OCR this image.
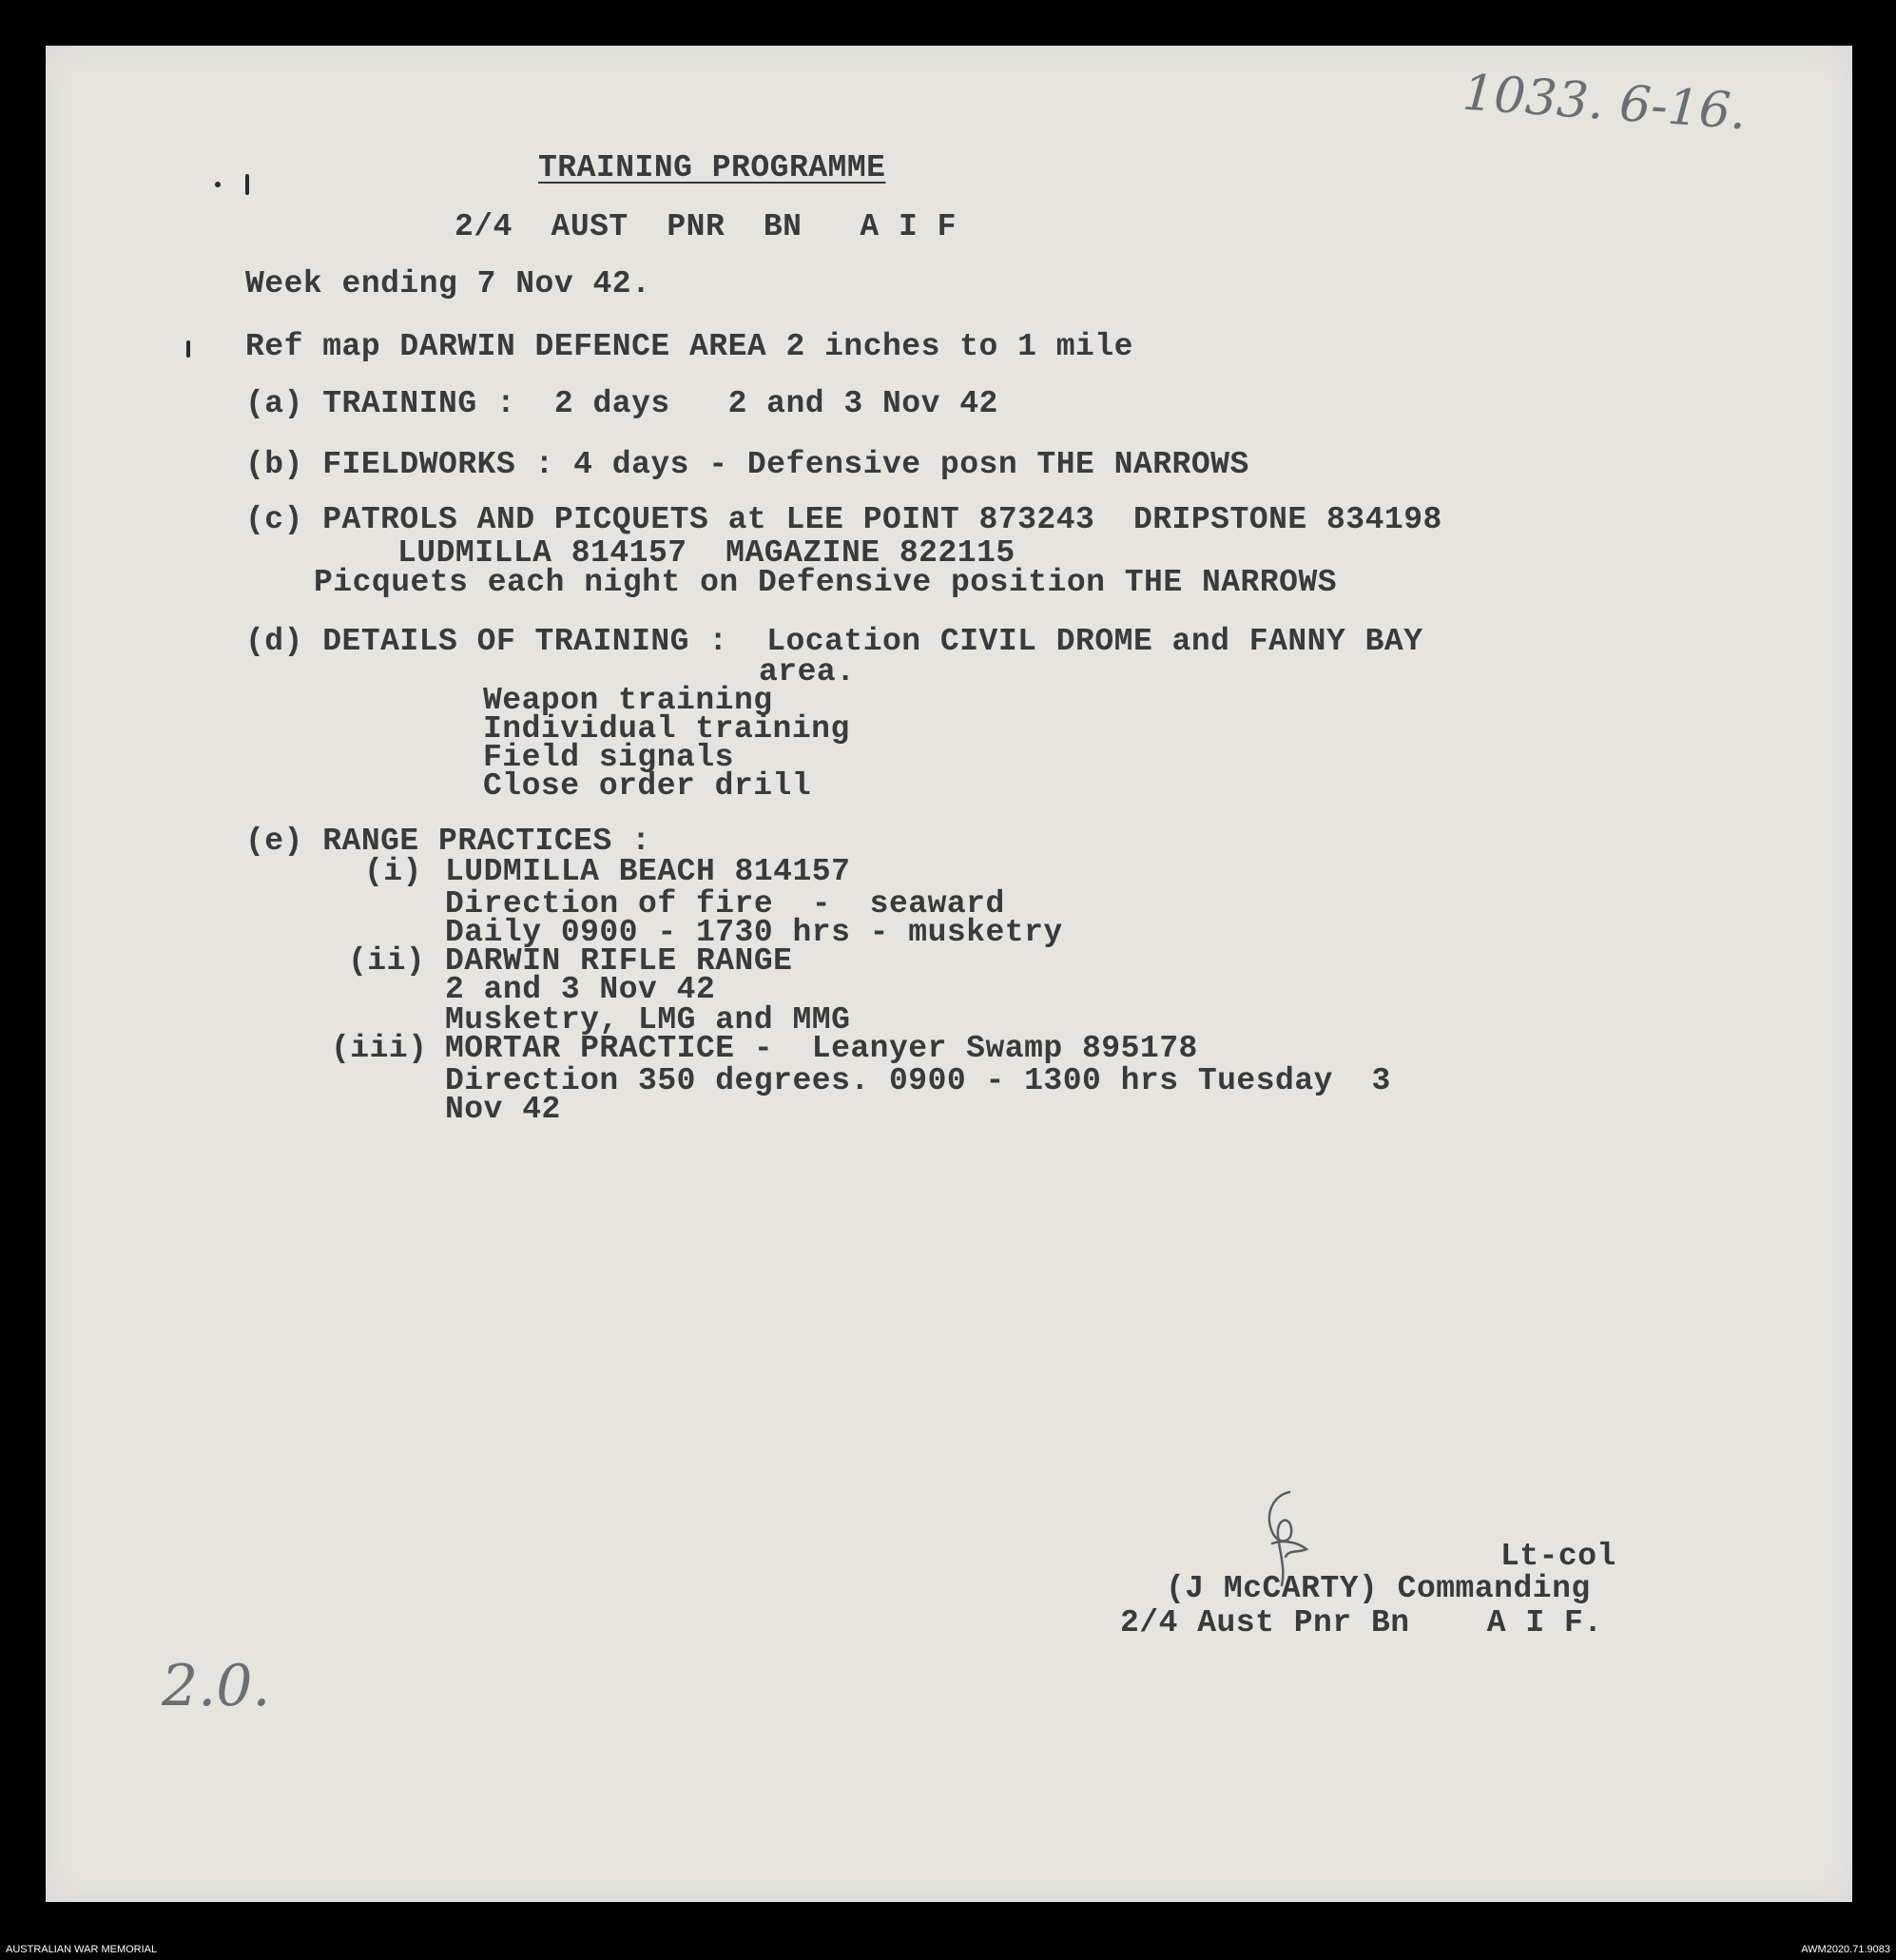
1033. 6-16.
2.0.
TRAINING PROGRAMME
2/4  AUST  PNR  BN   A I F
Week ending 7 Nov 42.
Ref map DARWIN DEFENCE AREA 2 inches to 1 mile
(a) TRAINING :  2 days   2 and 3 Nov 42
(b) FIELDWORKS : 4 days - Defensive posn THE NARROWS
(c) PATROLS AND PICQUETS at LEE POINT 873243  DRIPSTONE 834198
LUDMILLA 814157  MAGAZINE 822115
Picquets each night on Defensive position THE NARROWS
(d) DETAILS OF TRAINING :  Location CIVIL DROME and FANNY BAY
area.
Weapon training
Individual training
Field signals
Close order drill
(e) RANGE PRACTICES :
(i) LUDMILLA BEACH 814157
Direction of fire  -  seaward
Daily 0900 - 1730 hrs - musketry
(ii) DARWIN RIFLE RANGE
2 and 3 Nov 42
Musketry, LMG and MMG
(iii) MORTAR PRACTICE -  Leanyer Swamp 895178
Direction 350 degrees. 0900 - 1300 hrs Tuesday  3
Nov 42
Lt-col
(J McCARTY) Commanding
2/4 Aust Pnr Bn    A I F.
AUSTRALIAN WAR MEMORIAL	AWM2020.71.9083
